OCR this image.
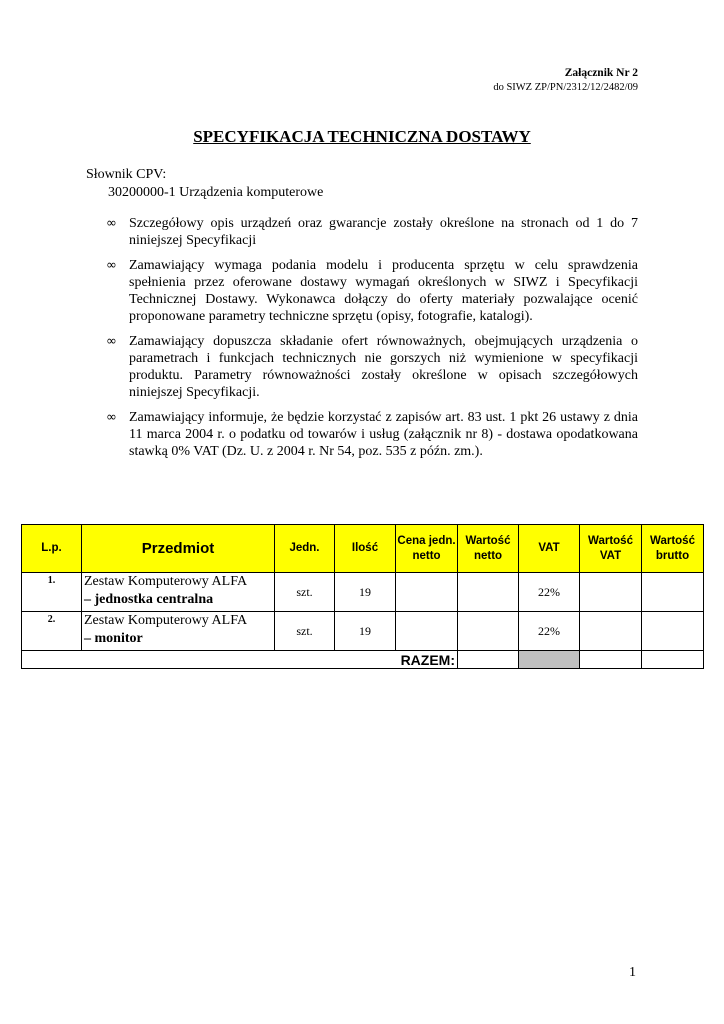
Załącznik Nr 2
do SIWZ ZP/PN/2312/12/2482/09
SPECYFIKACJA TECHNICZNA DOSTAWY
Słownik CPV:
30200000-1 Urządzenia komputerowe
∞ Szczegółowy opis urządzeń oraz gwarancje zostały określone na stronach od 1 do 7 niniejszej Specyfikacji
∞ Zamawiający wymaga podania modelu i producenta sprzętu w celu sprawdzenia spełnienia przez oferowane dostawy wymagań określonych w SIWZ i Specyfikacji Technicznej Dostawy. Wykonawca dołączy do oferty materiały pozwalające ocenić proponowane parametry techniczne sprzętu (opisy, fotografie, katalogi).
∞ Zamawiający dopuszcza składanie ofert równoważnych, obejmujących urządzenia o parametrach i funkcjach technicznych nie gorszych niż wymienione w specyfikacji produktu. Parametry równoważności zostały określone w opisach szczegółowych niniejszej Specyfikacji.
∞ Zamawiający informuje, że będzie korzystać z zapisów art. 83 ust. 1 pkt 26 ustawy z dnia 11 marca 2004 r. o podatku od towarów i usług (załącznik nr 8) - dostawa opodatkowana stawką 0% VAT (Dz. U. z 2004 r. Nr 54, poz. 535 z późn. zm.).
L.p.	Przedmiot	Jedn.	Ilość	Cena jedn. netto	Wartość netto	VAT	Wartość VAT	Wartość brutto
1.	Zestaw Komputerowy ALFA
– jednostka centralna	szt.	19			22%		
2.	Zestaw Komputerowy ALFA
– monitor	szt.	19			22%		
RAZEM:								
1
